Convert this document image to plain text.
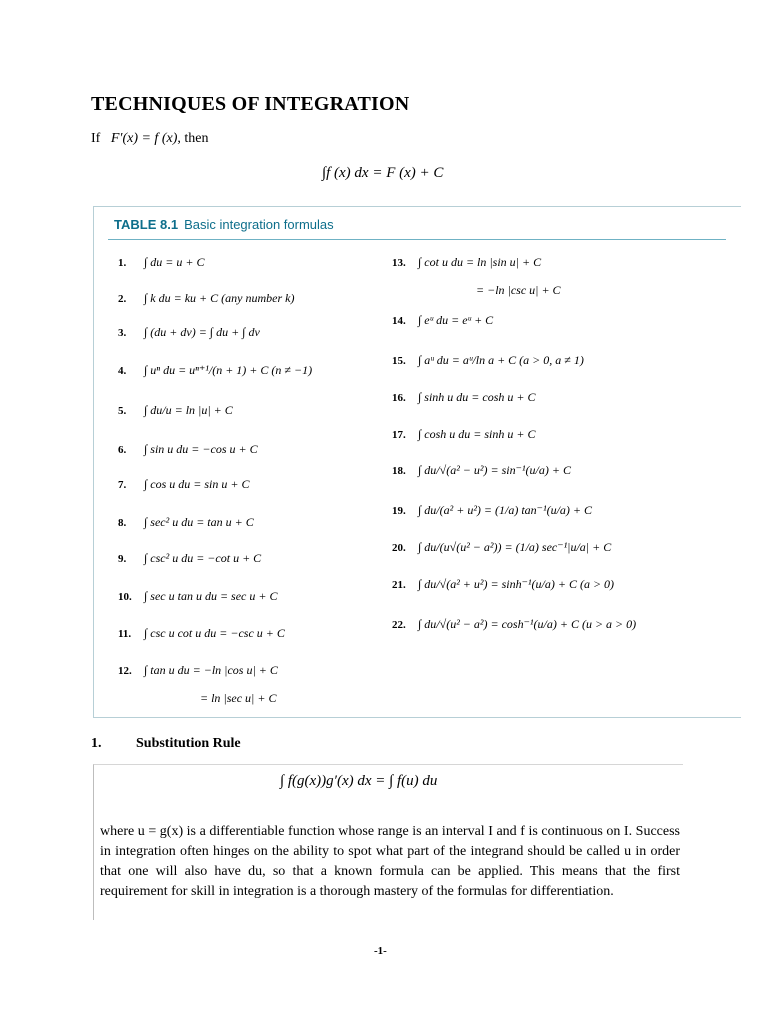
TECHNIQUES OF INTEGRATION
If F′(x) = f (x), then
∫f (x) dx = F (x) + C
TABLE 8.1 Basic integration formulas
1. ∫ du = u + C
2. ∫ k du = ku + C (any number k)
3. ∫ (du + dv) = ∫ du + ∫ dv
4. ∫ uⁿ du = uⁿ⁺¹/(n + 1) + C (n ≠ −1)
5. ∫ du/u = ln |u| + C
6. ∫ sin u du = −cos u + C
7. ∫ cos u du = sin u + C
8. ∫ sec² u du = tan u + C
9. ∫ csc² u du = −cot u + C
10. ∫ sec u tan u du = sec u + C
11. ∫ csc u cot u du = −csc u + C
12. ∫ tan u du = −ln |cos u| + C
= ln |sec u| + C
13. ∫ cot u du = ln |sin u| + C
14. ∫ eᵘ du = eᵘ + C
15. ∫ aᵘ du = aᵘ/ln a + C (a > 0, a ≠ 1)
16. ∫ sinh u du = cosh u + C
17. ∫ cosh u du = sinh u + C
18. ∫ du/√(a² − u²) = sin⁻¹(u/a) + C
19. ∫ du/(a² + u²) = (1/a) tan⁻¹(u/a) + C
20. ∫ du/(u√(u² − a²)) = (1/a) sec⁻¹|u/a| + C
21. ∫ du/√(a² + u²) = sinh⁻¹(u/a) + C (a > 0)
22. ∫ du/√(u² − a²) = cosh⁻¹(u/a) + C (u > a > 0)
= −ln |csc u| + C
1. Substitution Rule
∫ f(g(x))g′(x) dx = ∫ f(u) du
where u = g(x) is a differentiable function whose range is an interval I and f is continuous on I. Success in integration often hinges on the ability to spot what part of the integrand should be called u in order that one will also have du, so that a known formula can be applied. This means that the first requirement for skill in integration is a thorough mastery of the formulas for differentiation.
-1-
